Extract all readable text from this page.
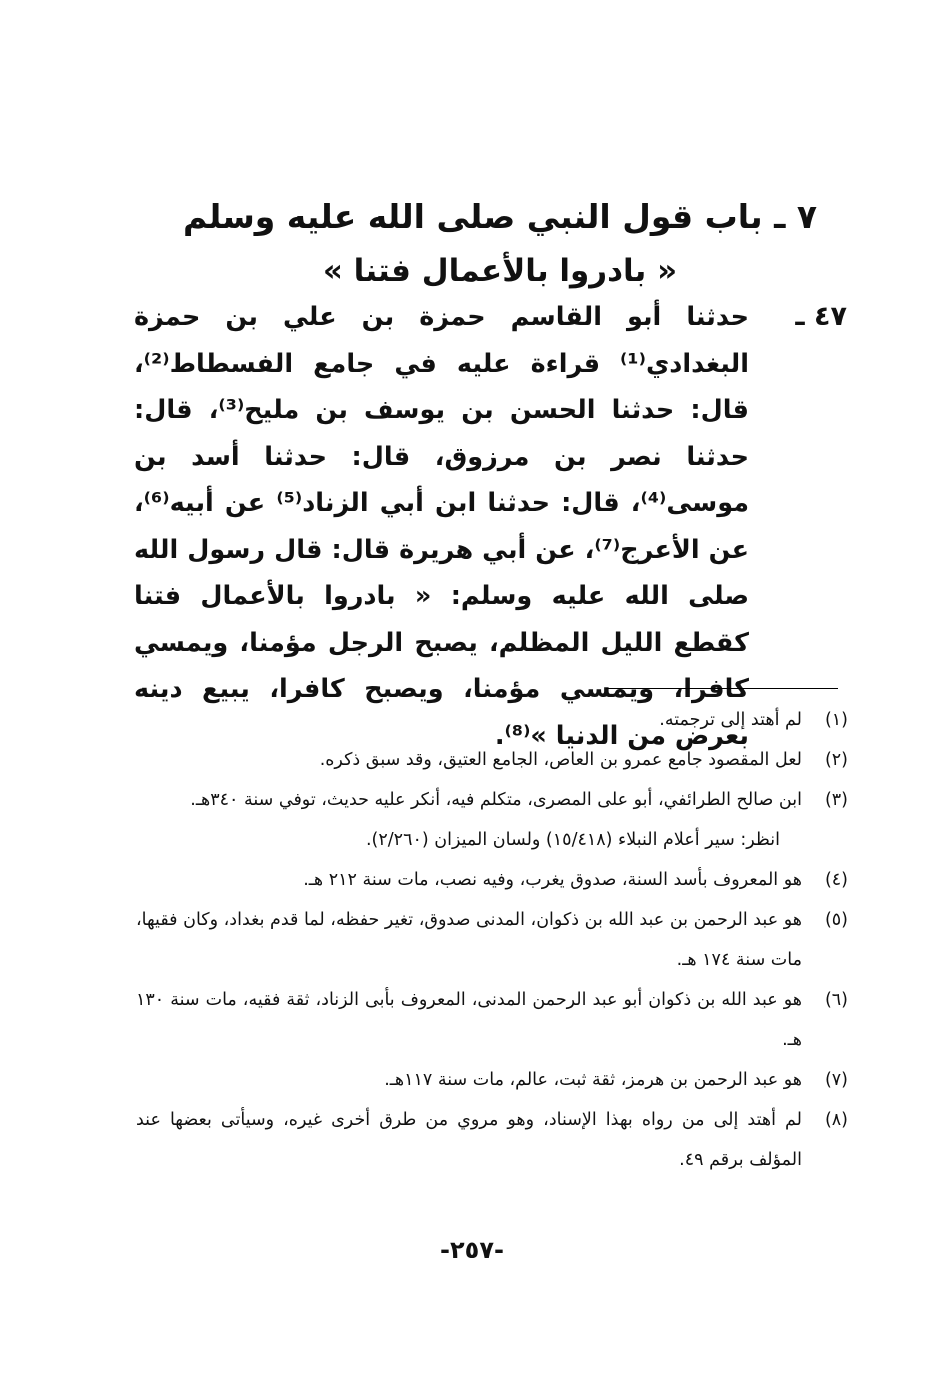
٧ ـ باب قول النبي صلى الله عليه وسلم
« بادروا بالأعمال فتنا »
٤٧ ـ

حدثنا أبو القاسم حمزة بن علي بن حمزة البغدادي⁽¹⁾ قراءة عليه في جامع الفسطاط⁽²⁾، قال: حدثنا الحسن بن يوسف بن مليح⁽³⁾، قال: حدثنا نصر بن مرزوق، قال: حدثنا أسد بن موسى⁽⁴⁾، قال: حدثنا ابن أبي الزناد⁽⁵⁾ عن أبيه⁽⁶⁾، عن الأعرج⁽⁷⁾، عن أبي هريرة قال: قال رسول الله صلى الله عليه وسلم: « بادروا بالأعمال فتنا كقطع الليل المظلم، يصبح الرجل مؤمنا، ويمسي كافرا، ويمسي مؤمنا، ويصبح كافرا، يبيع دينه بعرض من الدنيا »⁽⁸⁾.

(١)
لم أهتد إلى ترجمته.

(٢)
لعل المقصود جامع عمرو بن العاص، الجامع العتيق، وقد سبق ذكره.

(٣)
ابن صالح الطرائفي، أبو على المصرى، متكلم فيه، أنكر عليه حديث، توفي سنة ٣٤٠هـ.

انظر: سير أعلام النبلاء (١٥/٤١٨) ولسان الميزان (٢/٢٦٠).

(٤)
هو المعروف بأسد السنة، صدوق يغرب، وفيه نصب، مات سنة ٢١٢ هـ.

(٥)
هو عبد الرحمن بن عبد الله بن ذكوان، المدنى صدوق، تغير حفظه، لما قدم بغداد، وكان فقيها، مات سنة ١٧٤ هـ.

(٦)
هو عبد الله بن ذكوان أبو عبد الرحمن المدنى، المعروف بأبى الزناد، ثقة فقيه، مات سنة ١٣٠ هـ.

(٧)
هو عبد الرحمن بن هرمز، ثقة ثبت، عالم، مات سنة ١١٧هـ.

(٨)
لم أهتد إلى من رواه بهذا الإسناد، وهو مروي من طرق أخرى غيره، وسيأتى بعضها عند المؤلف برقم ٤٩.

-٢٥٧-
